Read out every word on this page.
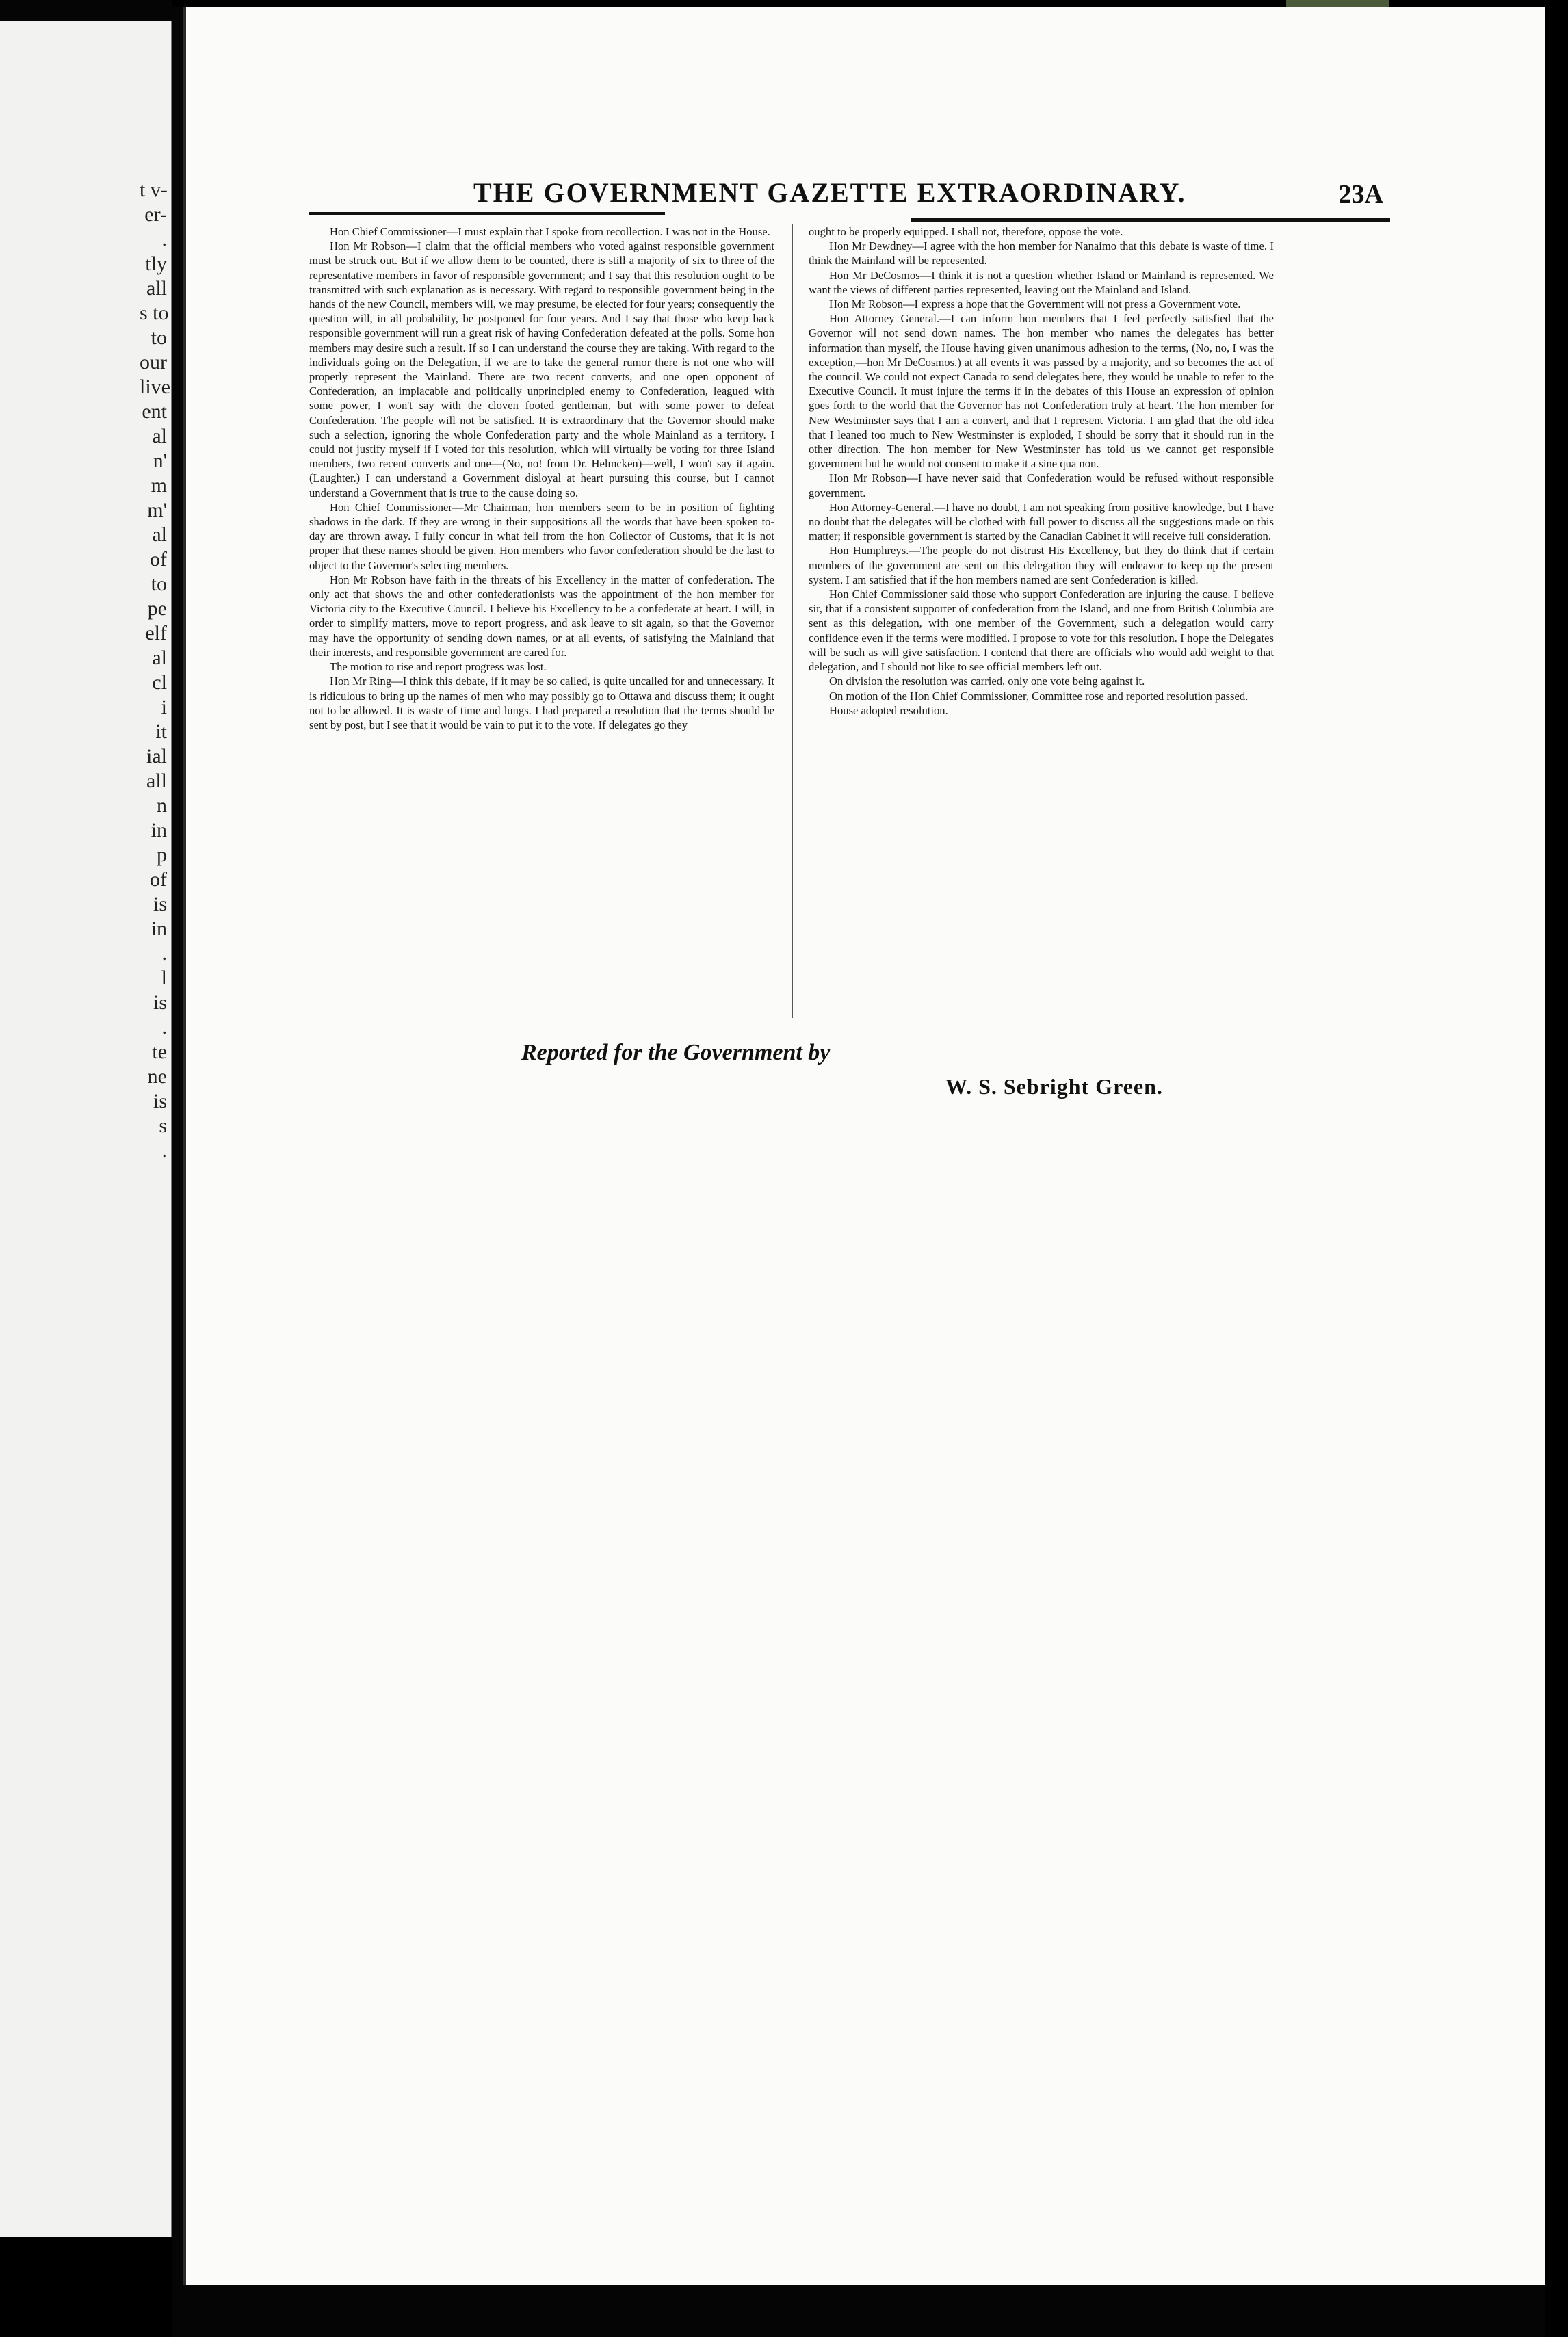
t v-
er-
.
tly
all
s to
to
our
live
ent
al
n'
m
m'
al
of
to
pe
elf
al
cl
i
it
ial
all
n
in
p
of
is
in
.
l
is
.
te
ne
is
s
.
THE GOVERNMENT GAZETTE EXTRAORDINARY.	23A

Hon Chief Commissioner—I must explain that I spoke from recollection. I was not in the House.

Hon Mr Robson—I claim that the official members who voted against responsible government must be struck out. But if we allow them to be counted, there is still a majority of six to three of the representative members in favor of responsible government; and I say that this resolution ought to be transmitted with such explanation as is necessary. With regard to responsible government being in the hands of the new Council, members will, we may presume, be elected for four years; consequently the question will, in all probability, be postponed for four years. And I say that those who keep back responsible government will run a great risk of having Confederation defeated at the polls. Some hon members may desire such a result. If so I can understand the course they are taking. With regard to the individuals going on the Delegation, if we are to take the general rumor there is not one who will properly represent the Mainland. There are two recent converts, and one open opponent of Confederation, an implacable and politically unprincipled enemy to Confederation, leagued with some power, I won't say with the cloven footed gentleman, but with some power to defeat Confederation. The people will not be satisfied. It is extraordinary that the Governor should make such a selection, ignoring the whole Confederation party and the whole Mainland as a territory. I could not justify myself if I voted for this resolution, which will virtually be voting for three Island members, two recent converts and one—(No, no! from Dr. Helmcken)—well, I won't say it again. (Laughter.) I can understand a Government disloyal at heart pursuing this course, but I cannot understand a Government that is true to the cause doing so.

Hon Chief Commissioner—Mr Chairman, hon members seem to be in position of fighting shadows in the dark. If they are wrong in their suppositions all the words that have been spoken to-day are thrown away. I fully concur in what fell from the hon Collector of Customs, that it is not proper that these names should be given. Hon members who favor confederation should be the last to object to the Governor's selecting members.

Hon Mr Robson have faith in the threats of his Excellency in the matter of confederation. The only act that shows the and other confederationists was the appointment of the hon member for Victoria city to the Executive Council. I believe his Excellency to be a confederate at heart. I will, in order to simplify matters, move to report progress, and ask leave to sit again, so that the Governor may have the opportunity of sending down names, or at all events, of satisfying the Mainland that their interests, and responsible government are cared for.

The motion to rise and report progress was lost.

Hon Mr Ring—I think this debate, if it may be so called, is quite uncalled for and unnecessary. It is ridiculous to bring up the names of men who may possibly go to Ottawa and discuss them; it ought not to be allowed. It is waste of time and lungs. I had prepared a resolution that the terms should be sent by post, but I see that it would be vain to put it to the vote. If delegates go they

ought to be properly equipped. I shall not, therefore, oppose the vote.

Hon Mr Dewdney—I agree with the hon member for Nanaimo that this debate is waste of time. I think the Mainland will be represented.

Hon Mr DeCosmos—I think it is not a question whether Island or Mainland is represented. We want the views of different parties represented, leaving out the Mainland and Island.

Hon Mr Robson—I express a hope that the Government will not press a Government vote.

Hon Attorney General.—I can inform hon members that I feel perfectly satisfied that the Governor will not send down names. The hon member who names the delegates has better information than myself, the House having given unanimous adhesion to the terms, (No, no, I was the exception,—hon Mr DeCosmos.) at all events it was passed by a majority, and so becomes the act of the council. We could not expect Canada to send delegates here, they would be unable to refer to the Executive Council. It must injure the terms if in the debates of this House an expression of opinion goes forth to the world that the Governor has not Confederation truly at heart. The hon member for New Westminster says that I am a convert, and that I represent Victoria. I am glad that the old idea that I leaned too much to New Westminster is exploded, I should be sorry that it should run in the other direction. The hon member for New Westminster has told us we cannot get responsible government but he would not consent to make it a sine qua non.

Hon Mr Robson—I have never said that Confederation would be refused without responsible government.

Hon Attorney-General.—I have no doubt, I am not speaking from positive knowledge, but I have no doubt that the delegates will be clothed with full power to discuss all the suggestions made on this matter; if responsible government is started by the Canadian Cabinet it will receive full consideration.

Hon Humphreys.—The people do not distrust His Excellency, but they do think that if certain members of the government are sent on this delegation they will endeavor to keep up the present system. I am satisfied that if the hon members named are sent Confederation is killed.

Hon Chief Commissioner said those who support Confederation are injuring the cause. I believe sir, that if a consistent supporter of confederation from the Island, and one from British Columbia are sent as this delegation, with one member of the Government, such a delegation would carry confidence even if the terms were modified. I propose to vote for this resolution. I hope the Delegates will be such as will give satisfaction. I contend that there are officials who would add weight to that delegation, and I should not like to see official members left out.

On division the resolution was carried, only one vote being against it.

On motion of the Hon Chief Commissioner, Committee rose and reported resolution passed.

House adopted resolution.

Reported for the Government by
W. S. Sebright Green.
